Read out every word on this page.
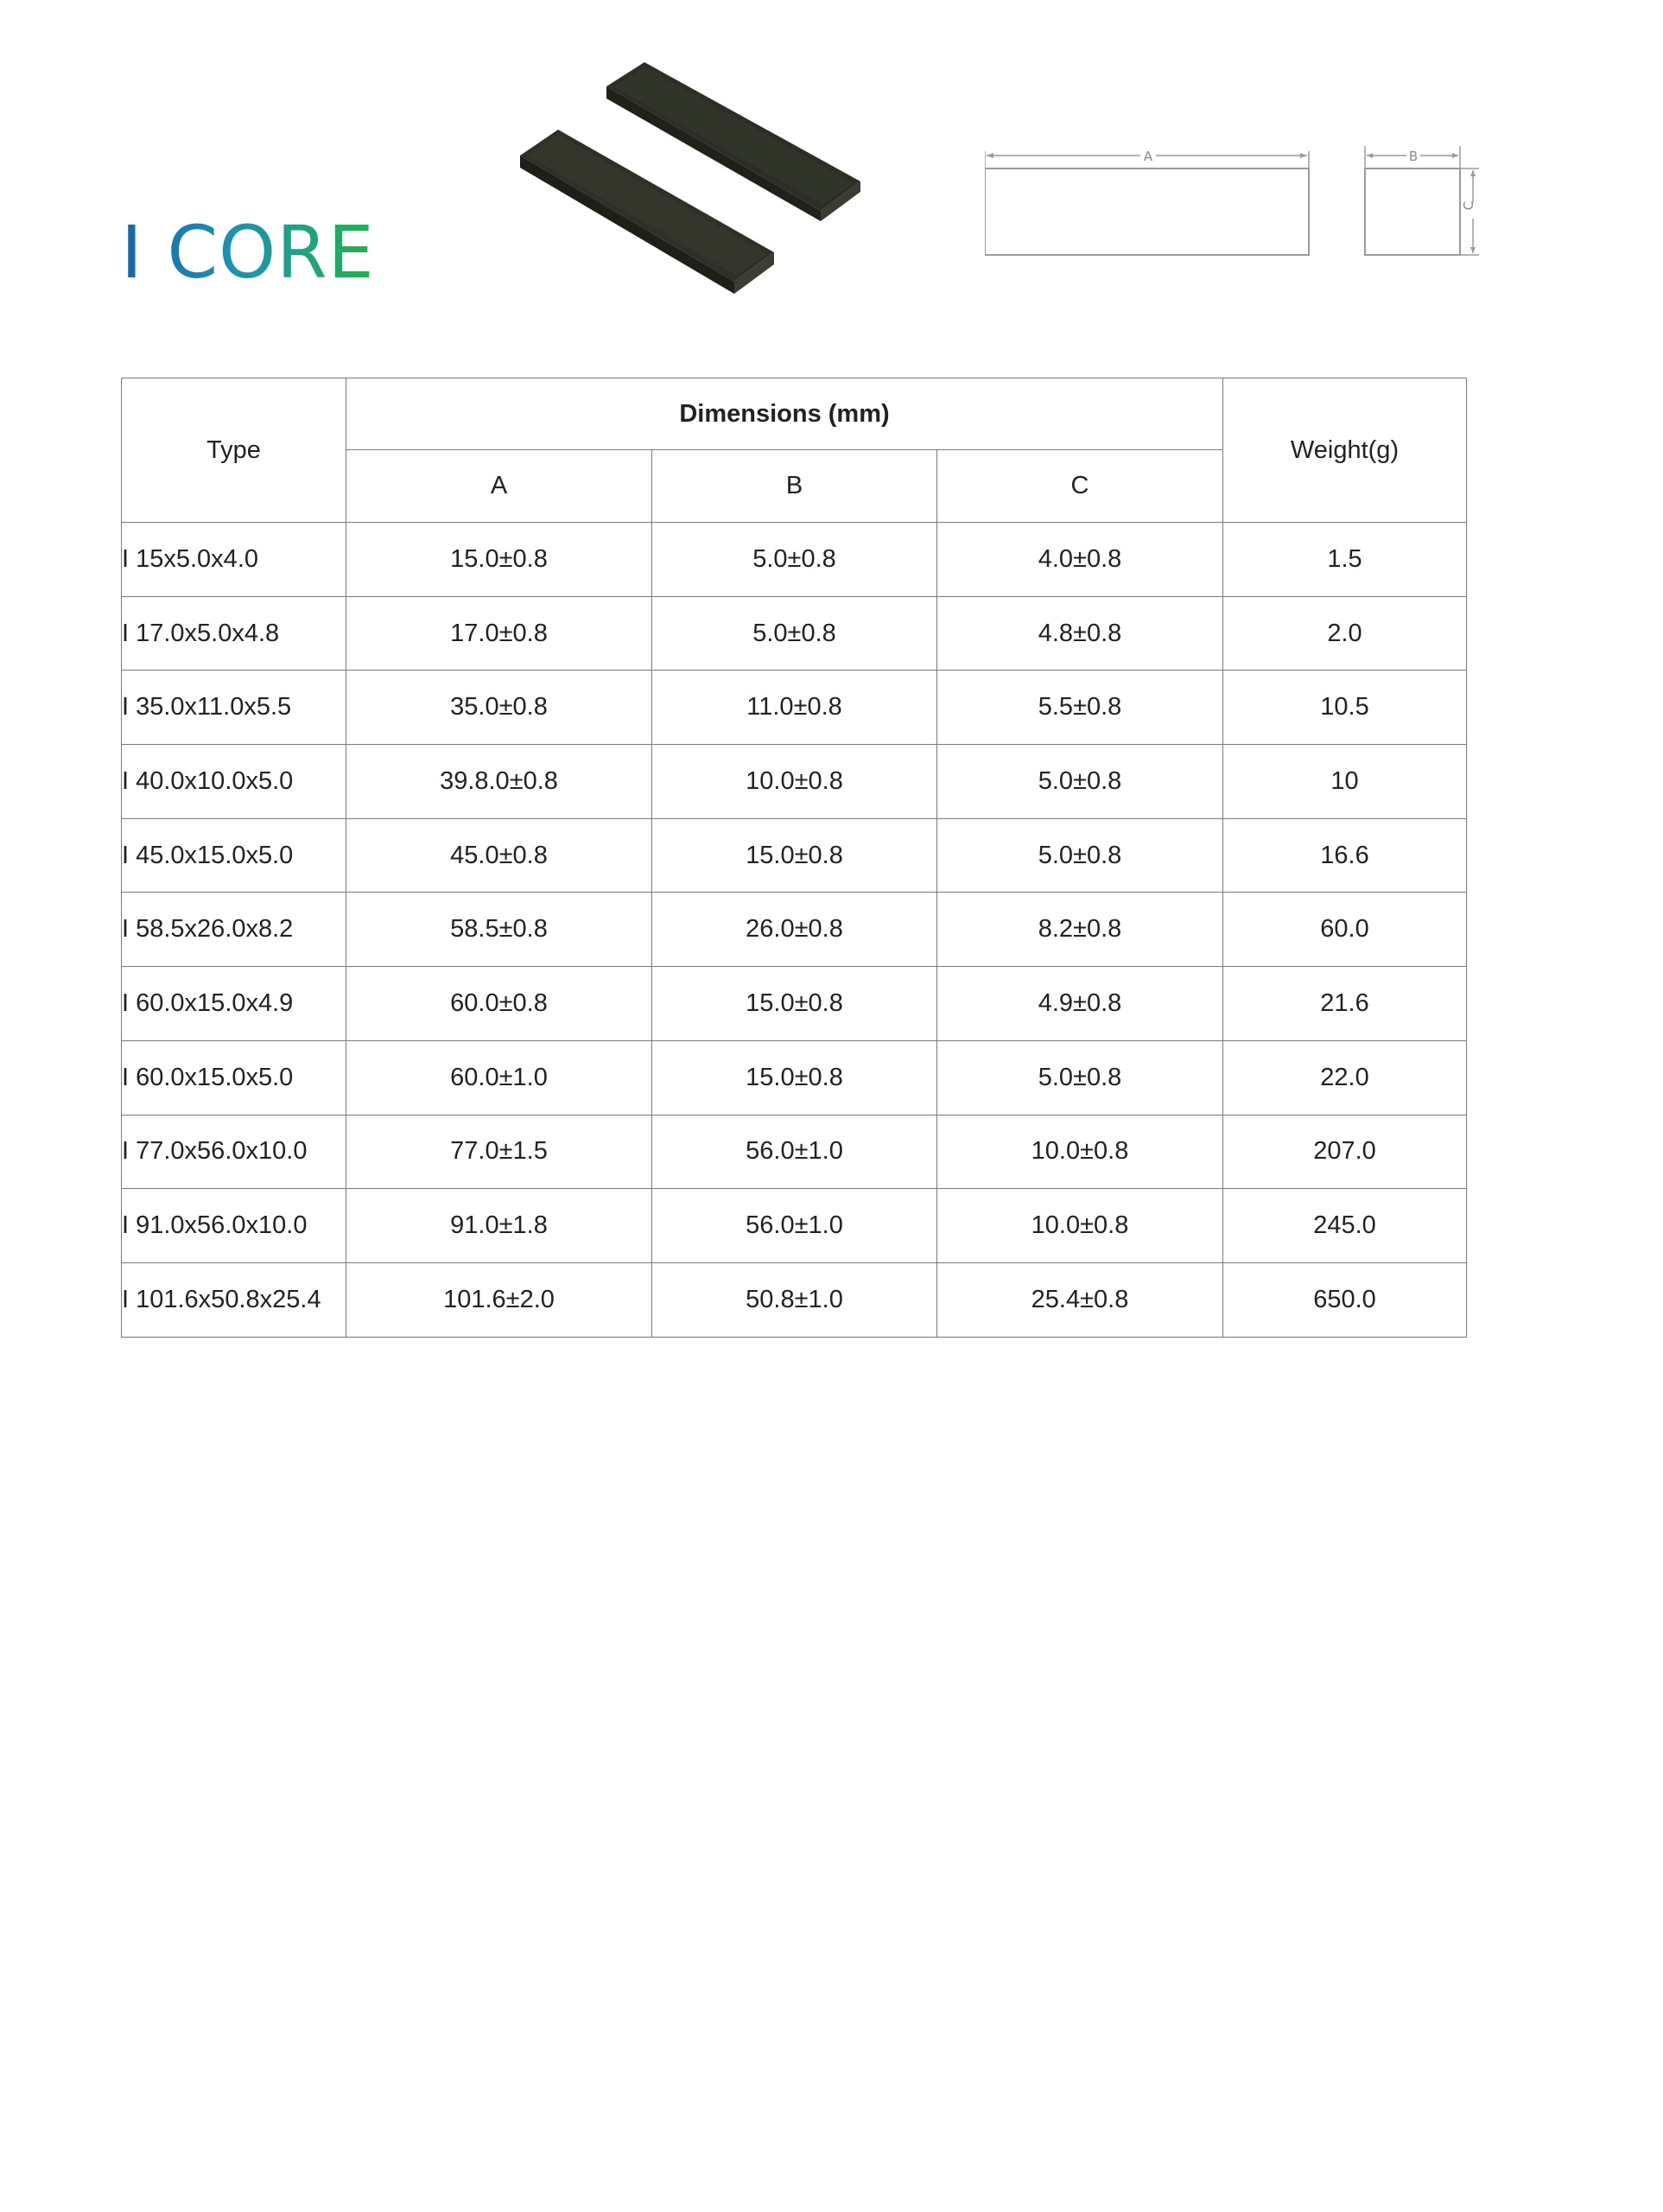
I CORE
A	B
C
Type	Dimensions (mm)			Weight(g)
	A	B	C	
I 15x5.0x4.0	15.0±0.8	5.0±0.8	4.0±0.8	1.5
I 17.0x5.0x4.8	17.0±0.8	5.0±0.8	4.8±0.8	2.0
I 35.0x11.0x5.5	35.0±0.8	11.0±0.8	5.5±0.8	10.5
I 40.0x10.0x5.0	39.8.0±0.8	10.0±0.8	5.0±0.8	10
I 45.0x15.0x5.0	45.0±0.8	15.0±0.8	5.0±0.8	16.6
I 58.5x26.0x8.2	58.5±0.8	26.0±0.8	8.2±0.8	60.0
I 60.0x15.0x4.9	60.0±0.8	15.0±0.8	4.9±0.8	21.6
I 60.0x15.0x5.0	60.0±1.0	15.0±0.8	5.0±0.8	22.0
I 77.0x56.0x10.0	77.0±1.5	56.0±1.0	10.0±0.8	207.0
I 91.0x56.0x10.0	91.0±1.8	56.0±1.0	10.0±0.8	245.0
I 101.6x50.8x25.4	101.6±2.0	50.8±1.0	25.4±0.8	650.0
